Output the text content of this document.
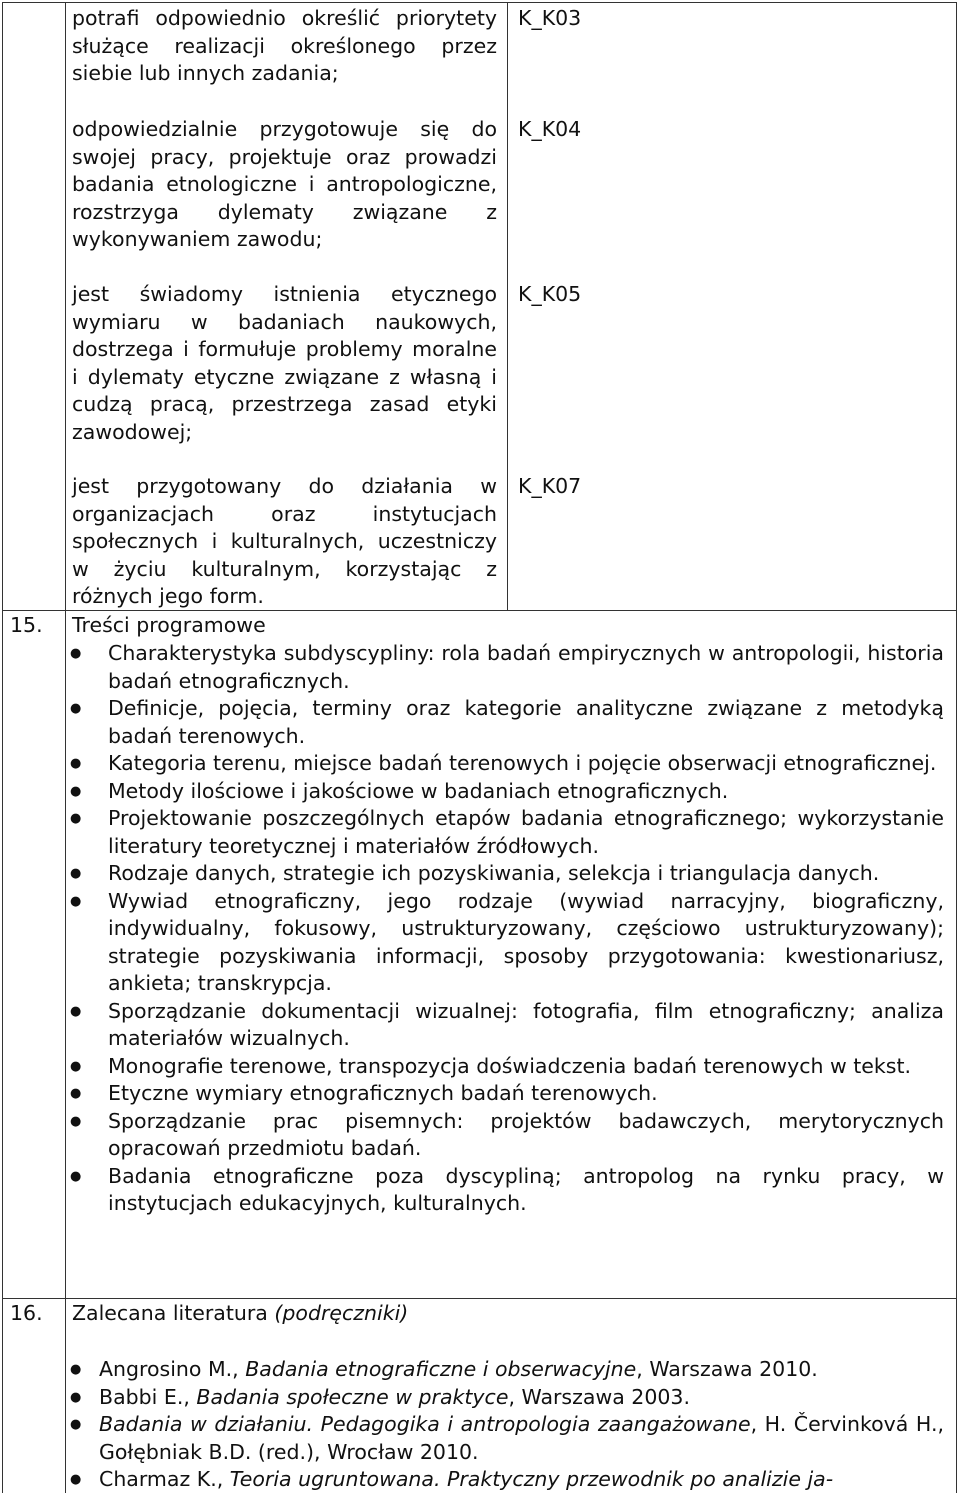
potrafi odpowiednio określić priorytety służące realizacji określonego przez siebie lub innych zadania;
K_K03
odpowiedzialnie przygotowuje się do swojej pracy, projektuje oraz prowadzi badania etnologiczne i antropologiczne, rozstrzyga dylematy związane z wykonywaniem zawodu;
K_K04
jest świadomy istnienia etycznego wymiaru w badaniach naukowych, dostrzega i formułuje problemy moralne i dylematy etyczne związane z własną i cudzą pracą, przestrzega zasad etyki zawodowej;
K_K05
jest przygotowany do działania w organizacjach oraz instytucjach społecznych i kulturalnych, uczestniczy w życiu kulturalnym, korzystając z różnych jego form.
K_K07
15. Treści programowe
● Charakterystyka subdyscypliny: rola badań empirycznych w antropologii, historia badań etnograficznych.
● Definicje, pojęcia, terminy oraz kategorie analityczne związane z metodyką badań terenowych.
● Kategoria terenu, miejsce badań terenowych i pojęcie obserwacji etnograficznej.
● Metody ilościowe i jakościowe w badaniach etnograficznych.
● Projektowanie poszczególnych etapów badania etnograficznego; wykorzystanie literatury teoretycznej i materiałów źródłowych.
● Rodzaje danych, strategie ich pozyskiwania, selekcja i triangulacja danych.
● Wywiad etnograficzny, jego rodzaje (wywiad narracyjny, biograficzny, indywidualny, fokusowy, ustrukturyzowany, częściowo ustrukturyzowany); strategie pozyskiwania informacji, sposoby przygotowania: kwestionariusz, ankieta; transkrypcja.
● Sporządzanie dokumentacji wizualnej: fotografia, film etnograficzny; analiza materiałów wizualnych.
● Monografie terenowe, transpozycja doświadczenia badań terenowych w tekst.
● Etyczne wymiary etnograficznych badań terenowych.
● Sporządzanie prac pisemnych: projektów badawczych, merytorycznych opracowań przedmiotu badań.
● Badania etnograficzne poza dyscypliną; antropolog na rynku pracy, w instytucjach edukacyjnych, kulturalnych.
16. Zalecana literatura (podręczniki)
● Angrosino M., Badania etnograficzne i obserwacyjne, Warszawa 2010.
● Babbi E., Badania społeczne w praktyce, Warszawa 2003.
● Badania w działaniu. Pedagogika i antropologia zaangażowane, H. Červinková H., Gołębniak B.D. (red.), Wrocław 2010.
● Charmaz K., Teoria ugruntowana. Praktyczny przewodnik po analizie ja-
